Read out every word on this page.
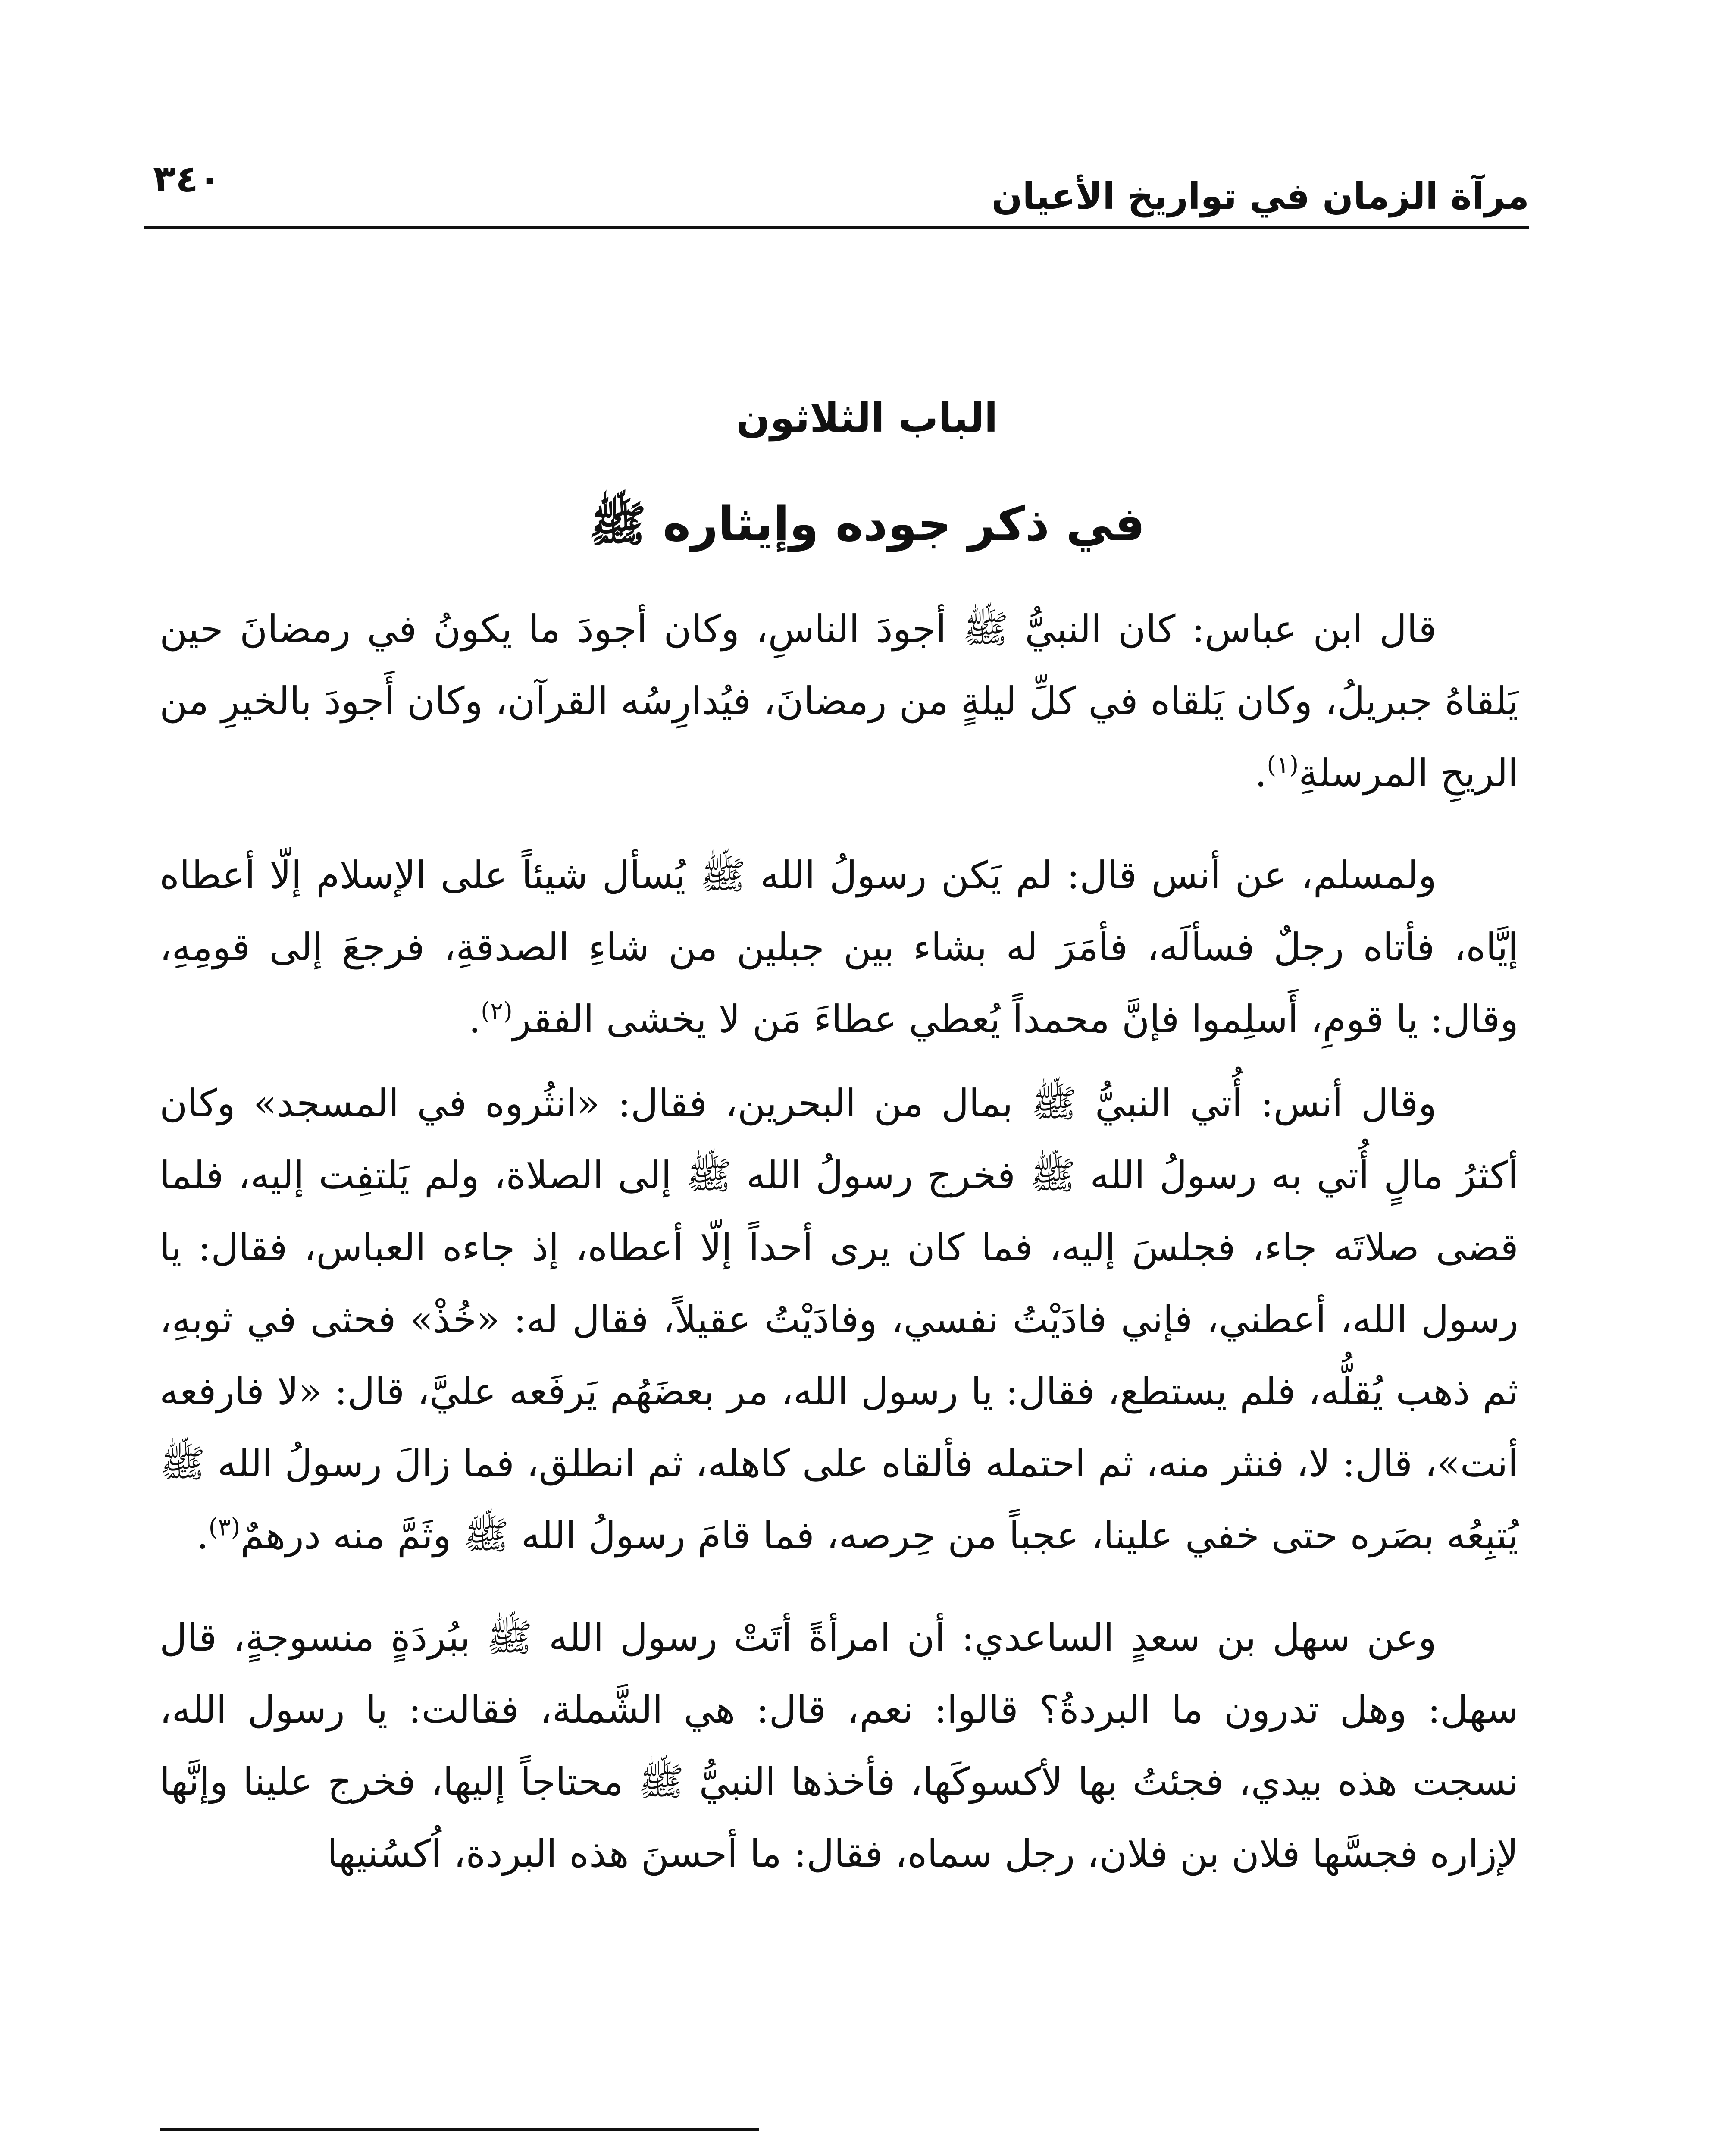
مرآة الزمان في تواريخ الأعيان
٣٤٠
الباب الثلاثون
في ذكر جوده وإيثاره ﷺ

قال ابن عباس: كان النبيُّ ﷺ أجودَ الناسِ، وكان أجودَ ما يكونُ في رمضانَ حين يَلقاهُ جبريلُ، وكان يَلقاه في كلِّ ليلةٍ من رمضانَ، فيُدارِسُه القرآن، وكان أَجودَ بالخيرِ من الريحِ المرسلةِ$^{(١)}$.

ولمسلم، عن أنس قال: لم يَكن رسولُ الله ﷺ يُسأل شيئاً على الإسلام إلّا أعطاه إيَّاه، فأتاه رجلٌ فسألَه، فأمَرَ له بشاء بين جبلين من شاءِ الصدقةِ، فرجعَ إلى قومِهِ، وقال: يا قومِ، أَسلِموا فإنَّ محمداً يُعطي عطاءَ مَن لا يخشى الفقر$^{(٢)}$.

وقال أنس: أُتي النبيُّ ﷺ بمال من البحرين، فقال: «انثُروه في المسجد» وكان أكثرُ مالٍ أُتي به رسولُ الله ﷺ فخرج رسولُ الله ﷺ إلى الصلاة، ولم يَلتفِت إليه، فلما قضى صلاتَه جاء، فجلسَ إليه، فما كان يرى أحداً إلّا أعطاه، إذ جاءه العباس، فقال: يا رسول الله، أعطني، فإني فادَيْتُ نفسي، وفادَيْتُ عقيلاً، فقال له: «خُذْ» فحثى في ثوبهِ، ثم ذهب يُقلُّه، فلم يستطع، فقال: يا رسول الله، مر بعضَهُم يَرفَعه عليَّ، قال: «لا فارفعه أنت»، قال: لا، فنثر منه، ثم احتمله فألقاه على كاهله، ثم انطلق، فما زالَ رسولُ الله ﷺ يُتبِعُه بصَره حتى خفي علينا، عجباً من حِرصه، فما قامَ رسولُ الله ﷺ وثَمَّ منه درهمٌ$^{(٣)}$.

وعن سهل بن سعدٍ الساعدي: أن امرأةً أتَتْ رسول الله ﷺ ببُردَةٍ منسوجةٍ، قال سهل: وهل تدرون ما البردةُ؟ قالوا: نعم، قال: هي الشَّملة، فقالت: يا رسول الله، نسجت هذه بيدي، فجئتُ بها لأكسوكَها، فأخذها النبيُّ ﷺ محتاجاً إليها، فخرج علينا وإنَّها لإزاره فجسَّها فلان بن فلان، رجل سماه، فقال: ما أحسنَ هذه البردة، اُكسُنيها
